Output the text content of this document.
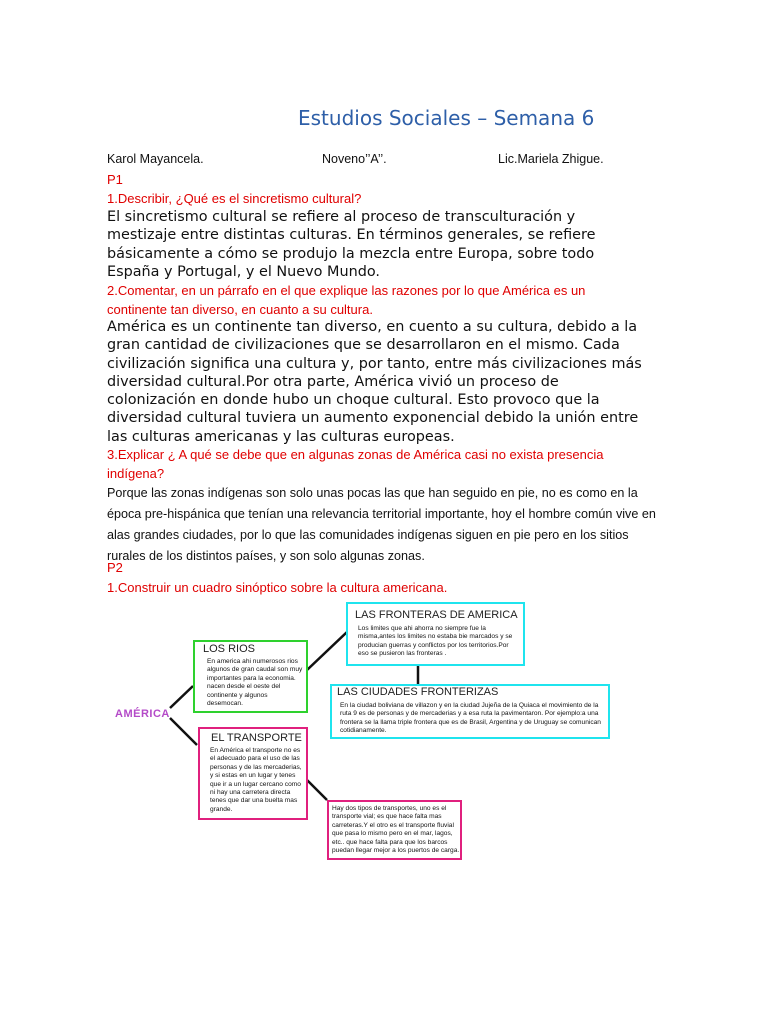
Estudios Sociales – Semana 6
Karol Mayancela.	Noveno’’A’’.	Lic.Mariela Zhigue.
P1
1.Describir, ¿Qué es el sincretismo cultural?
El sincretismo cultural se refiere al proceso de transculturación y mestizaje entre distintas culturas. En términos generales, se refiere básicamente a cómo se produjo la mezcla entre Europa, sobre todo España y Portugal, y el Nuevo Mundo.
2.Comentar, en un párrafo en el que explique las razones por lo que América es un continente tan diverso, en cuanto a su cultura.
América es un continente tan diverso, en cuento a su cultura, debido a la gran cantidad de civilizaciones que se desarrollaron en el mismo. Cada civilización significa una cultura y, por tanto, entre más civilizaciones más diversidad cultural.Por otra parte, América vivió un proceso de colonización en donde hubo un choque cultural. Esto provoco que la diversidad cultural tuviera un aumento exponencial debido la unión entre las culturas americanas y las culturas europeas.
3.Explicar ¿ A qué se debe que en algunas zonas de América casi no exista presencia indígena?
Porque las zonas indígenas son solo unas pocas las que han seguido en pie, no es como en la época pre-hispánica que tenían una relevancia territorial importante, hoy el hombre común vive en alas grandes ciudades, por lo que las comunidades indígenas siguen en pie pero en los sitios rurales de los distintos países, y son solo algunas zonas.
P2
1.Construir un cuadro sinóptico sobre la cultura americana.
AMÉRICA
LOS RIOS
En america ahi numerosos rios algunos de gran caudal son muy importantes para la economia. nacen desde el oeste del continente y algunos desemocan.
LAS FRONTERAS DE AMERICA
Los limites que ahi ahorra no siempre fue la misma,antes los limites no estaba bie marcados y se producian guerras y conflictos por los territorios.Por eso se pusieron las fronteras .
LAS CIUDADES FRONTERIZAS
En la ciudad boliviana de villazon y en la ciudad Jujeña de la Quiaca el movimiento de la ruta 9 es de personas y de mercaderias y a esa ruta la pavimentaron. Por ejemplo:a una frontera se la llama triple frontera que es de Brasil, Argentina y de Uruguay se comunican cotidianamente.
EL TRANSPORTE
En América el transporte no es el adecuado para el uso de las personas y de las mercaderias, y si estas en un lugar y tenes que ir a un lugar cercano como ni hay una carretera directa tenes que dar una buelta mas grande.	Hay dos tipos de transportes, uno es el transporte vial; es que hace falta mas carreteras.Y el otro es el transporte fluvial que pasa lo mismo pero en el mar, lagos, etc.. que hace falta para que los barcos puedan llegar mejor a los puertos de carga.
